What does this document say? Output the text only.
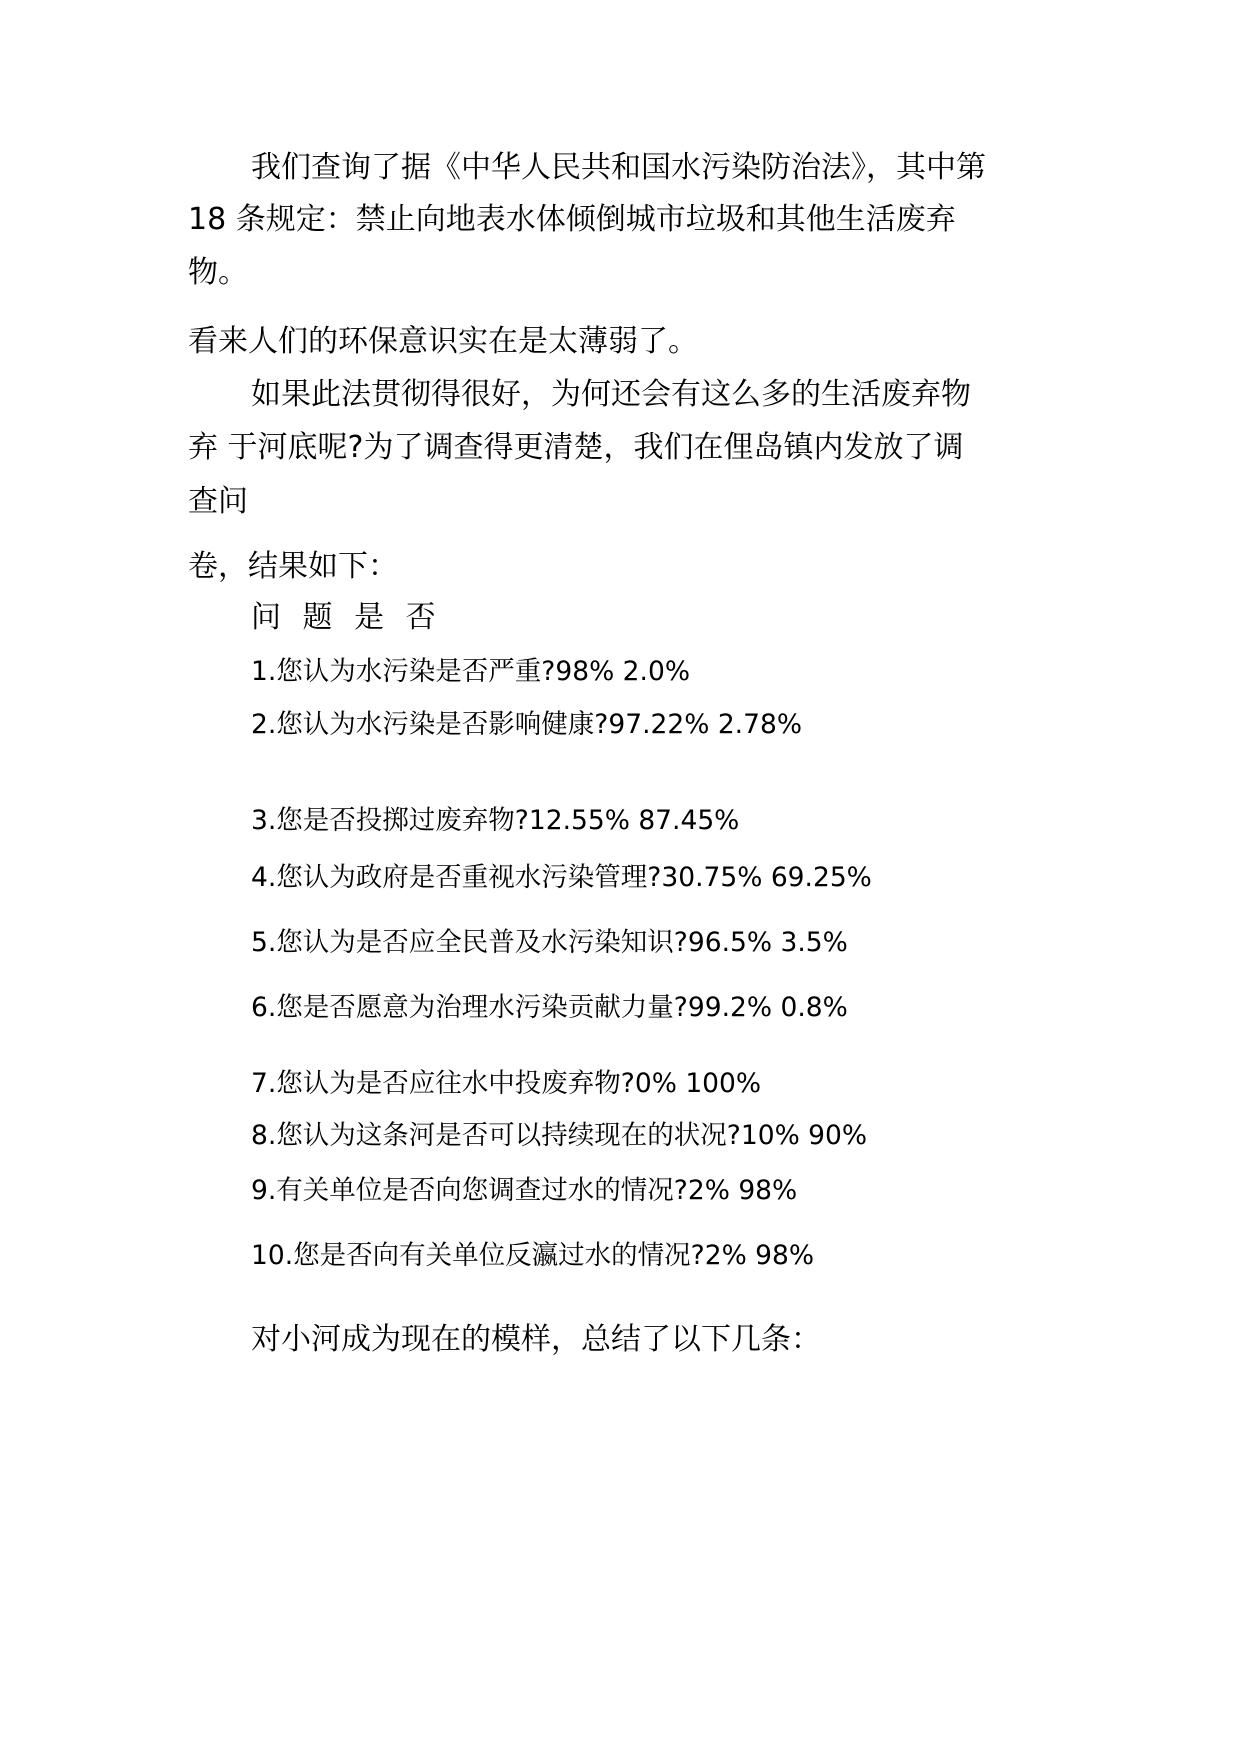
我们查询了据《中华人民共和国水污染防治法》，其中第

18 条规定：禁止向地表水体倾倒城市垃圾和其他生活废弃

物。

看来人们的环保意识实在是太薄弱了。

如果此法贯彻得很好，为何还会有这么多的生活废弃物

弃 于河底呢?为了调查得更清楚，我们在俚岛镇内发放了调

查问

卷，结果如下：

问 题 是 否

1.您认为水污染是否严重?98% 2.0%

2.您认为水污染是否影响健康?97.22% 2.78%

3.您是否投掷过废弃物?12.55% 87.45%

4.您认为政府是否重视水污染管理?30.75% 69.25%

5.您认为是否应全民普及水污染知识?96.5% 3.5%

6.您是否愿意为治理水污染贡献力量?99.2% 0.8%

7.您认为是否应往水中投废弃物?0% 100%

8.您认为这条河是否可以持续现在的状况?10% 90%

9.有关单位是否向您调查过水的情况?2% 98%

10.您是否向有关单位反瀛过水的情况?2% 98%

对小河成为现在的模样，总结了以下几条：
